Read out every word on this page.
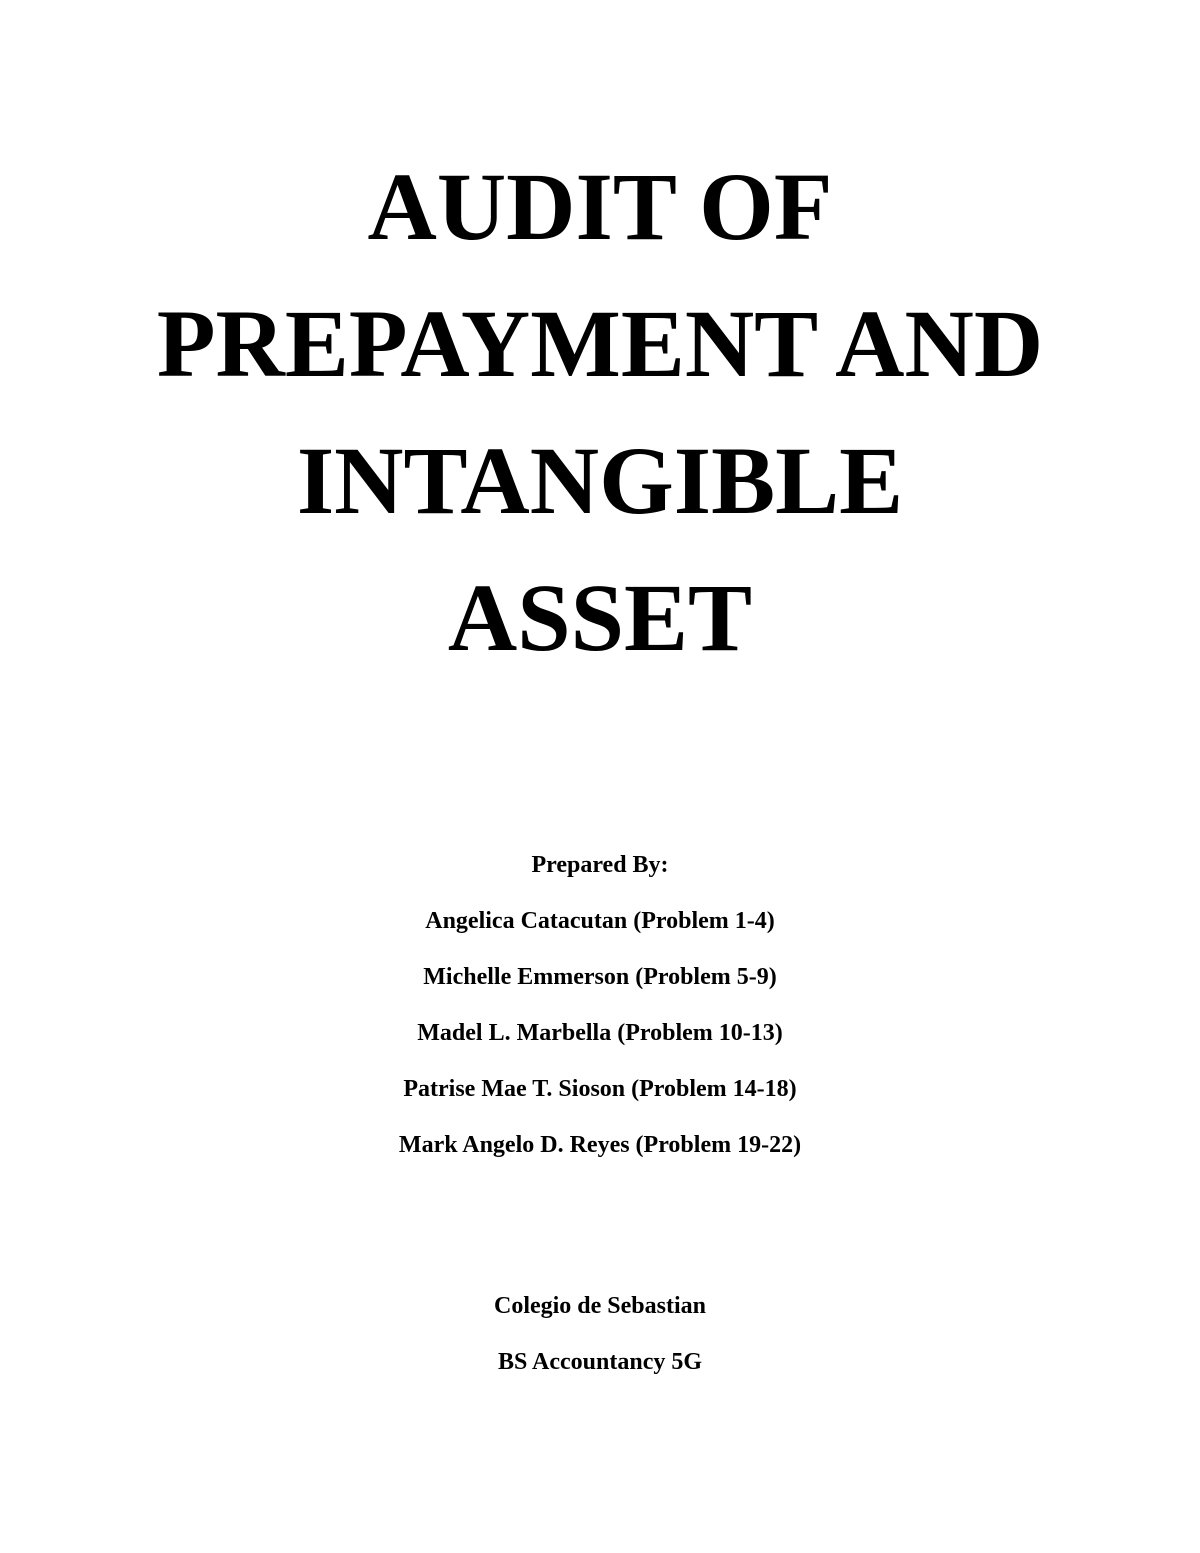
AUDIT OF
PREPAYMENT AND
INTANGIBLE
ASSET
Prepared By:
Angelica Catacutan (Problem 1-4)
Michelle Emmerson (Problem 5-9)
Madel L. Marbella (Problem 10-13)
Patrise Mae T. Sioson (Problem 14-18)
Mark Angelo D. Reyes (Problem 19-22)
Colegio de Sebastian
BS Accountancy 5G
